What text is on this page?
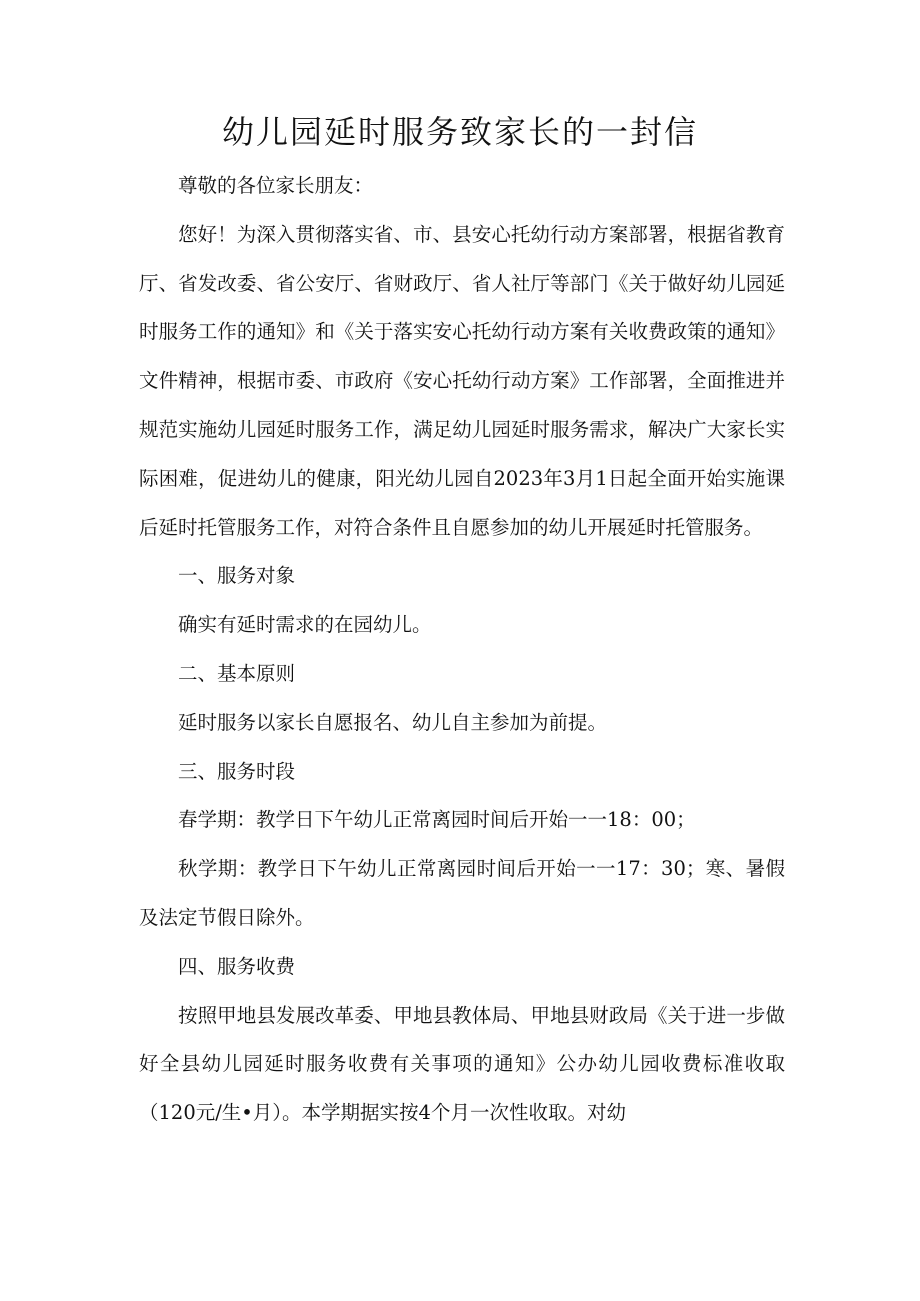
幼儿园延时服务致家长的一封信

尊敬的各位家长朋友：

您好！为深入贯彻落实省、市、县安心托幼行动方案部署，根据省教育厅、省发改委、省公安厅、省财政厅、省人社厅等部门《关于做好幼儿园延时服务工作的通知》和《关于落实安心托幼行动方案有关收费政策的通知》文件精神，根据市委、市政府《安心托幼行动方案》工作部署，全面推进并规范实施幼儿园延时服务工作，满足幼儿园延时服务需求，解决广大家长实际困难，促进幼儿的健康，阳光幼儿园自2023年3月1日起全面开始实施课后延时托管服务工作，对符合条件且自愿参加的幼儿开展延时托管服务。

一、服务对象

确实有延时需求的在园幼儿。

二、基本原则

延时服务以家长自愿报名、幼儿自主参加为前提。

三、服务时段

春学期：教学日下午幼儿正常离园时间后开始一一18：00；

秋学期：教学日下午幼儿正常离园时间后开始一一17：30；寒、暑假及法定节假日除外。

四、服务收费

按照甲地县发展改革委、甲地县教体局、甲地县财政局《关于进一步做好全县幼儿园延时服务收费有关事项的通知》公办幼儿园收费标准收取（120元/生•月）。本学期据实按4个月一次性收取。对幼
